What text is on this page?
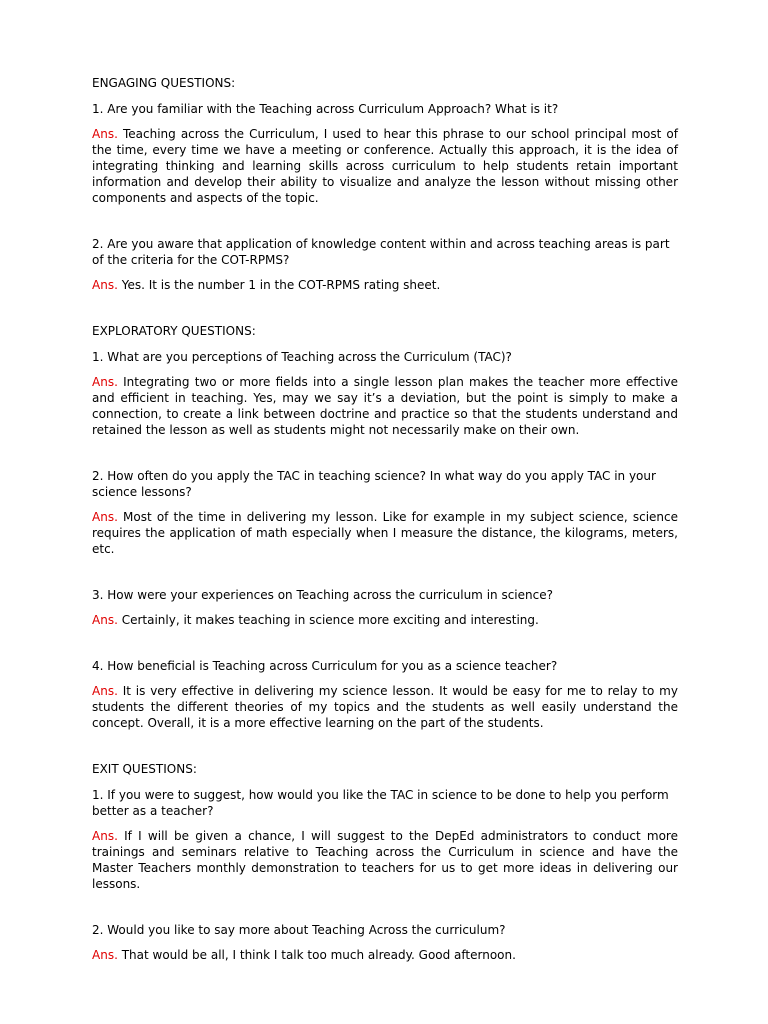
ENGAGING QUESTIONS:

1. Are you familiar with the Teaching across Curriculum Approach? What is it?

Ans. Teaching across the Curriculum, I used to hear this phrase to our school principal most of the time, every time we have a meeting or conference. Actually this approach, it is the idea of integrating thinking and learning skills across curriculum to help students retain important information and develop their ability to visualize and analyze the lesson without missing other components and aspects of the topic.

2. Are you aware that application of knowledge content within and across teaching areas is part of the criteria for the COT-RPMS?

Ans. Yes. It is the number 1 in the COT-RPMS rating sheet.

EXPLORATORY QUESTIONS:

1. What are you perceptions of Teaching across the Curriculum (TAC)?

Ans. Integrating two or more fields into a single lesson plan makes the teacher more effective and efficient in teaching. Yes, may we say it’s a deviation, but the point is simply to make a connection, to create a link between doctrine and practice so that the students understand and retained the lesson as well as students might not necessarily make on their own.

2. How often do you apply the TAC in teaching science? In what way do you apply TAC in your science lessons?

Ans. Most of the time in delivering my lesson. Like for example in my subject science, science requires the application of math especially when I measure the distance, the kilograms, meters, etc.

3. How were your experiences on Teaching across the curriculum in science?

Ans. Certainly, it makes teaching in science more exciting and interesting.

4. How beneficial is Teaching across Curriculum for you as a science teacher?

Ans. It is very effective in delivering my science lesson. It would be easy for me to relay to my students the different theories of my topics and the students as well easily understand the concept. Overall, it is a more effective learning on the part of the students.

EXIT QUESTIONS:

1. If you were to suggest, how would you like the TAC in science to be done to help you perform better as a teacher?

Ans. If I will be given a chance, I will suggest to the DepEd administrators to conduct more trainings and seminars relative to Teaching across the Curriculum in science and have the Master Teachers monthly demonstration to teachers for us to get more ideas in delivering our lessons.

2. Would you like to say more about Teaching Across the curriculum?

Ans. That would be all, I think I talk too much already. Good afternoon.
